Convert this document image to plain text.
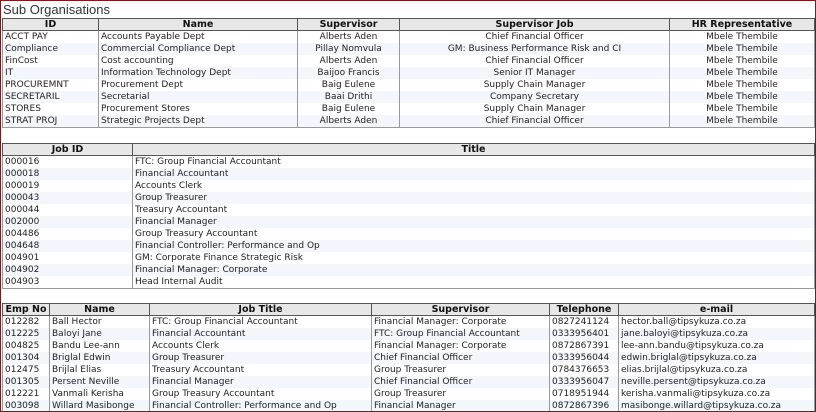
Sub Organisations
ID	Name	Supervisor	Supervisor Job	HR Representative
ACCT PAY	Accounts Payable Dept	Alberts Aden	Chief Financial Officer	Mbele Thembile
Compliance	Commercial Compliance Dept	Pillay Nomvula	GM: Business Performance Risk and CI	Mbele Thembile
FinCost	Cost accounting	Alberts Aden	Chief Financial Officer	Mbele Thembile
IT	Information Technology Dept	Baijoo Francis	Senior IT Manager	Mbele Thembile
PROCUREMNT	Procurement Dept	Baig Eulene	Supply Chain Manager	Mbele Thembile
SECRETARIL	Secretarial	Baai Drithi	Company Secretary	Mbele Thembile
STORES	Procurement Stores	Baig Eulene	Supply Chain Manager	Mbele Thembile
STRAT PROJ	Strategic Projects Dept	Alberts Aden	Chief Financial Officer	Mbele Thembile
Job ID	Title
000016	FTC: Group Financial Accountant
000018	Financial Accountant
000019	Accounts Clerk
000043	Group Treasurer
000044	Treasury Accountant
002000	Financial Manager
004486	Group Treasury Accountant
004648	Financial Controller: Performance and Op
004901	GM: Corporate Finance Strategic Risk
004902	Financial Manager: Corporate
004903	Head Internal Audit
Emp No	Name	Job Title	Supervisor	Telephone	e-mail
012282	Ball Hector	FTC: Group Financial Accountant	Financial Manager: Corporate	0827241124	hector.ball@tipsykuza.co.za
012225	Baloyi Jane	Financial Accountant	FTC: Group Financial Accountant	0333956401	jane.baloyi@tipsykuza.co.za
004825	Bandu Lee-ann	Accounts Clerk	Financial Manager: Corporate	0872867391	lee-ann.bandu@tipsykuza.co.za
001304	Briglal Edwin	Group Treasurer	Chief Financial Officer	0333956044	edwin.briglal@tipsykuza.co.za
012475	Brijlal Elias	Treasury Accountant	Group Treasurer	0784376653	elias.brijlal@tipsykuza.co.za
001305	Persent Neville	Financial Manager	Chief Financial Officer	0333956047	neville.persent@tipsykuza.co.za
012221	Vanmali Kerisha	Group Treasury Accountant	Group Treasurer	0718951944	kerisha.vanmali@tipsykuza.co.za
003098	Willard Masibonge	Financial Controller: Performance and Op	Financial Manager	0872867396	masibonge.willard@tipsykuza.co.za
